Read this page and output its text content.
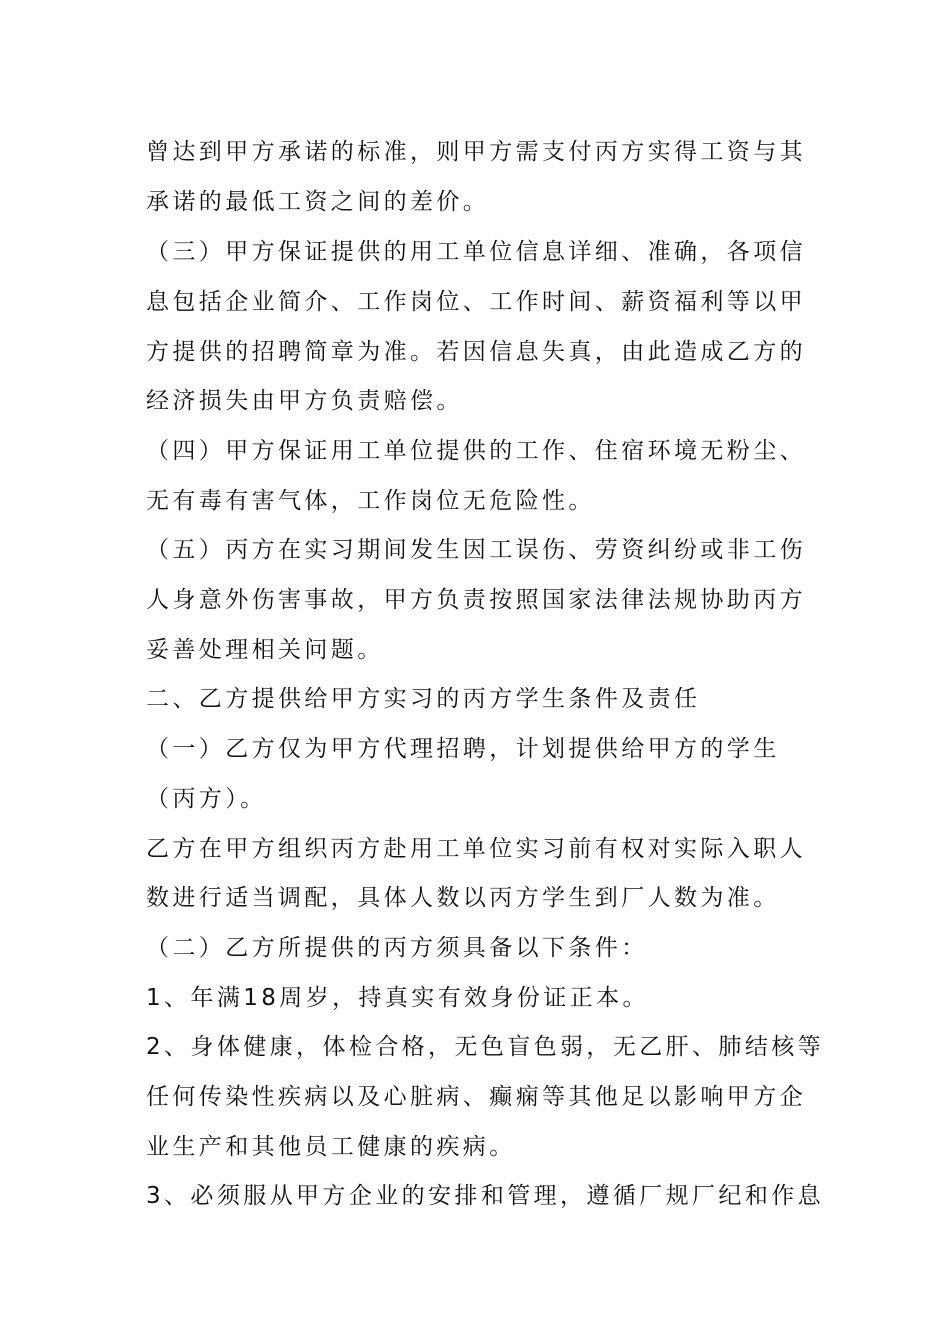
曾达到甲方承诺的标准，则甲方需支付丙方实得工资与其
承诺的最低工资之间的差价。
（三）甲方保证提供的用工单位信息详细、准确，各项信
息包括企业简介、工作岗位、工作时间、薪资福利等以甲
方提供的招聘简章为准。若因信息失真，由此造成乙方的
经济损失由甲方负责赔偿。
（四）甲方保证用工单位提供的工作、住宿环境无粉尘、
无有毒有害气体，工作岗位无危险性。
（五）丙方在实习期间发生因工误伤、劳资纠纷或非工伤
人身意外伤害事故，甲方负责按照国家法律法规协助丙方
妥善处理相关问题。
二、乙方提供给甲方实习的丙方学生条件及责任
（一）乙方仅为甲方代理招聘，计划提供给甲方的学生
（丙方）。
乙方在甲方组织丙方赴用工单位实习前有权对实际入职人
数进行适当调配，具体人数以丙方学生到厂人数为准。
（二）乙方所提供的丙方须具备以下条件：
1、年满18周岁，持真实有效身份证正本。
2、身体健康，体检合格，无色盲色弱，无乙肝、肺结核等
任何传染性疾病以及心脏病、癫痫等其他足以影响甲方企
业生产和其他员工健康的疾病。
3、必须服从甲方企业的安排和管理，遵循厂规厂纪和作息
